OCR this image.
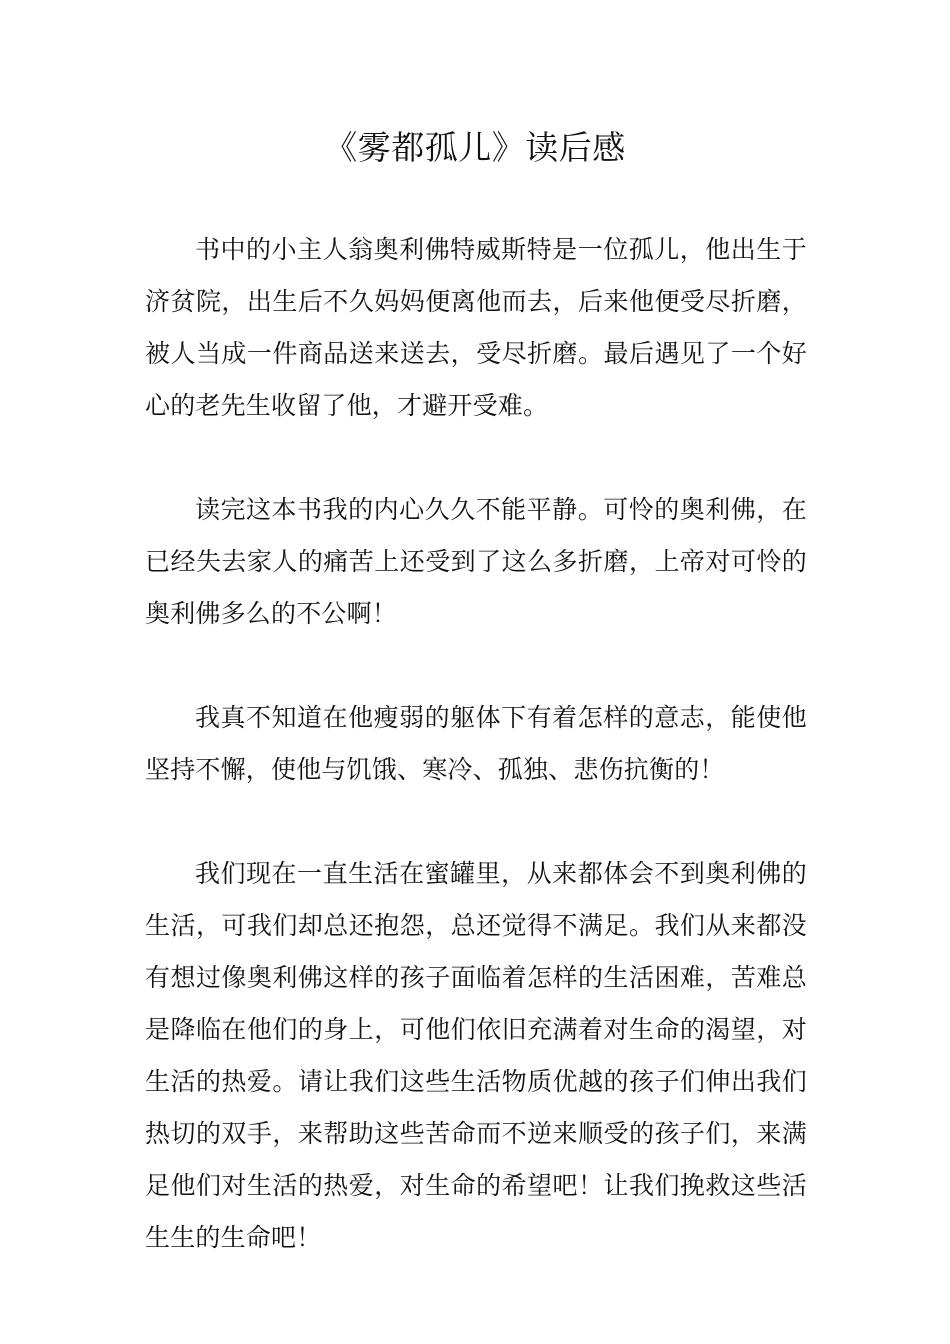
《雾都孤儿》读后感

书中的小主人翁奥利佛特威斯特是一位孤儿，他出生于济贫院，出生后不久妈妈便离他而去，后来他便受尽折磨，被人当成一件商品送来送去，受尽折磨。最后遇见了一个好心的老先生收留了他，才避开受难。

读完这本书我的内心久久不能平静。可怜的奥利佛，在已经失去家人的痛苦上还受到了这么多折磨，上帝对可怜的奥利佛多么的不公啊！

我真不知道在他瘦弱的躯体下有着怎样的意志，能使他坚持不懈，使他与饥饿、寒冷、孤独、悲伤抗衡的！

我们现在一直生活在蜜罐里，从来都体会不到奥利佛的生活，可我们却总还抱怨，总还觉得不满足。我们从来都没有想过像奥利佛这样的孩子面临着怎样的生活困难，苦难总是降临在他们的身上，可他们依旧充满着对生命的渴望，对生活的热爱。请让我们这些生活物质优越的孩子们伸出我们热切的双手，来帮助这些苦命而不逆来顺受的孩子们，来满足他们对生活的热爱，对生命的希望吧！让我们挽救这些活生生的生命吧！
